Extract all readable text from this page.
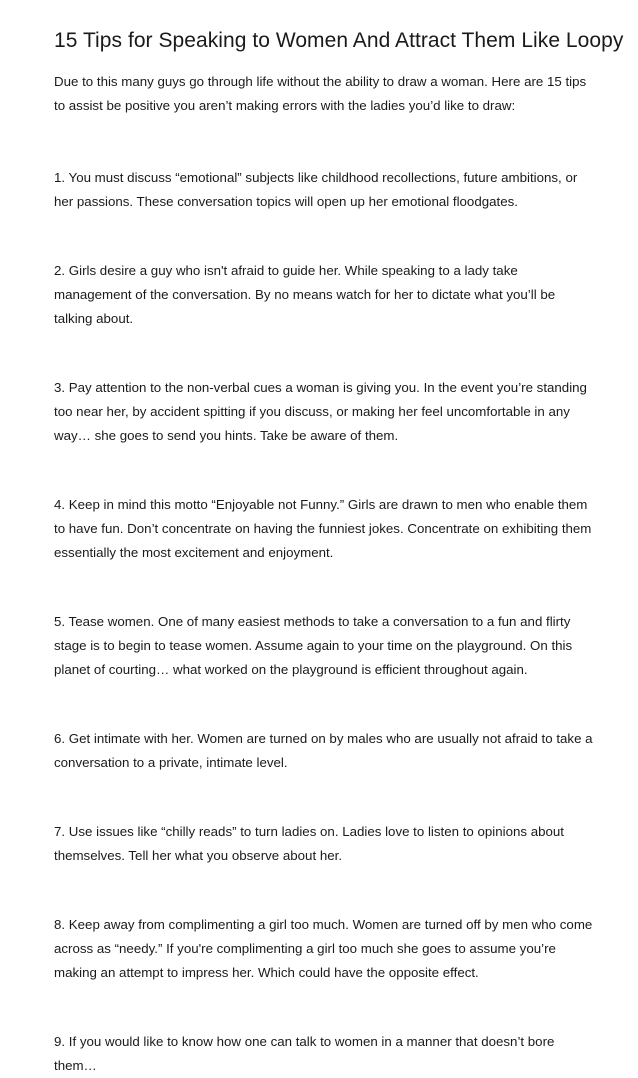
15 Tips for Speaking to Women And Attract Them Like Loopy

Due to this many guys go through life without the ability to draw a woman. Here are 15 tips to assist be positive you aren’t making errors with the ladies you’d like to draw:

1. You must discuss “emotional” subjects like childhood recollections, future ambitions, or her passions. These conversation topics will open up her emotional floodgates.

2. Girls desire a guy who isn't afraid to guide her. While speaking to a lady take management of the conversation. By no means watch for her to dictate what you’ll be talking about.

3. Pay attention to the non-verbal cues a woman is giving you. In the event you’re standing too near her, by accident spitting if you discuss, or making her feel uncomfortable in any way… she goes to send you hints. Take be aware of them.

4. Keep in mind this motto “Enjoyable not Funny.” Girls are drawn to men who enable them to have fun. Don’t concentrate on having the funniest jokes. Concentrate on exhibiting them essentially the most excitement and enjoyment.

5. Tease women. One of many easiest methods to take a conversation to a fun and flirty stage is to begin to tease women. Assume again to your time on the playground. On this planet of courting… what worked on the playground is efficient throughout again.

6. Get intimate with her. Women are turned on by males who are usually not afraid to take a conversation to a private, intimate level.

7. Use issues like “chilly reads” to turn ladies on. Ladies love to listen to opinions about themselves. Tell her what you observe about her.

8. Keep away from complimenting a girl too much. Women are turned off by men who come across as “needy.” If you're complimenting a girl too much she goes to assume you’re making an attempt to impress her. Which could have the opposite effect.

9. If you would like to know how one can talk to women in a manner that doesn’t bore them…
